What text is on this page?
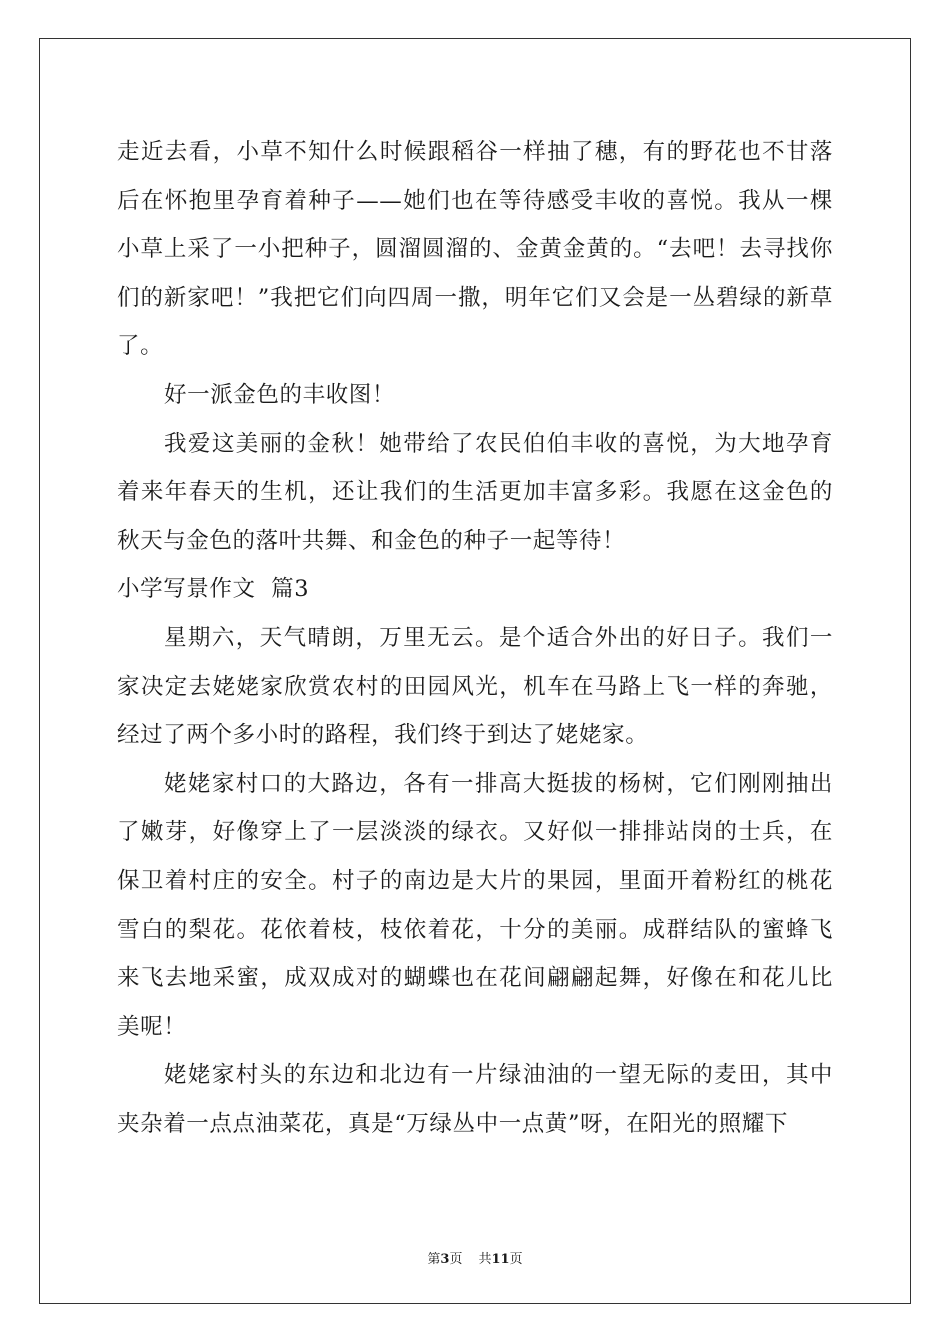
走近去看，小草不知什么时候跟稻谷一样抽了穗，有的野花也不甘落后在怀抱里孕育着种子——她们也在等待感受丰收的喜悦。我从一棵小草上采了一小把种子，圆溜圆溜的、金黄金黄的。“去吧！去寻找你们的新家吧！”我把它们向四周一撒，明年它们又会是一丛碧绿的新草了。

好一派金色的丰收图！

我爱这美丽的金秋！她带给了农民伯伯丰收的喜悦，为大地孕育着来年春天的生机，还让我们的生活更加丰富多彩。我愿在这金色的秋天与金色的落叶共舞、和金色的种子一起等待！

小学写景作文  篇3

星期六，天气晴朗，万里无云。是个适合外出的好日子。我们一家决定去姥姥家欣赏农村的田园风光，机车在马路上飞一样的奔驰，经过了两个多小时的路程，我们终于到达了姥姥家。

姥姥家村口的大路边，各有一排高大挺拔的杨树，它们刚刚抽出了嫩芽，好像穿上了一层淡淡的绿衣。又好似一排排站岗的士兵，在保卫着村庄的安全。村子的南边是大片的果园，里面开着粉红的桃花雪白的梨花。花依着枝，枝依着花，十分的美丽。成群结队的蜜蜂飞来飞去地采蜜，成双成对的蝴蝶也在花间翩翩起舞，好像在和花儿比美呢！

姥姥家村头的东边和北边有一片绿油油的一望无际的麦田，其中夹杂着一点点油菜花，真是“万绿丛中一点黄”呀，在阳光的照耀下

第3页 共11页
